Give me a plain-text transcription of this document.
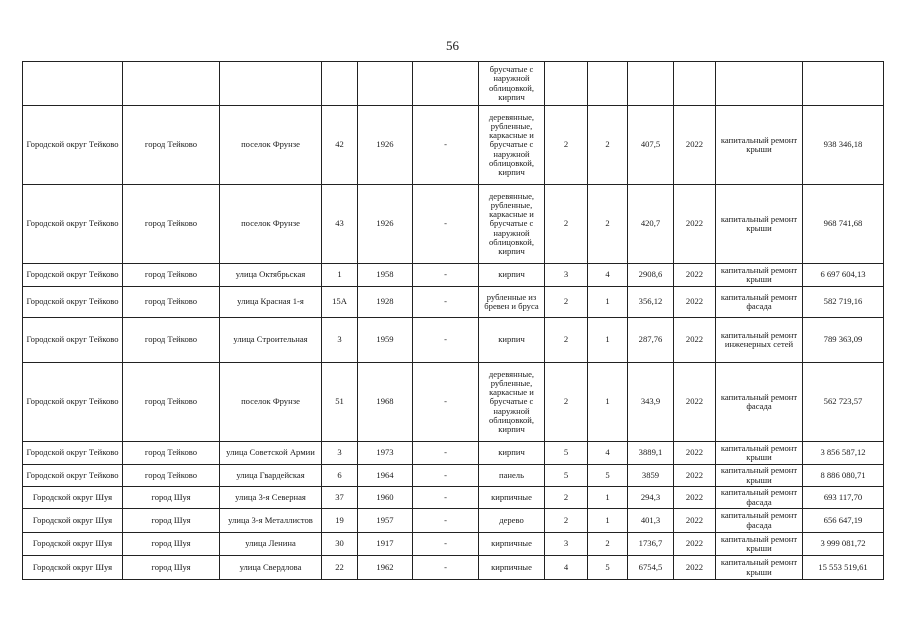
56
						брусчатые с наружной облицовкой, кирпич						
Городской округ Тейково	город Тейково	поселок Фрунзе	42	1926	-	деревянные, рубленные, каркасные и брусчатые с наружной облицовкой, кирпич	2	2	407,5	2022	капитальный ремонт крыши	938 346,18
Городской округ Тейково	город Тейково	поселок Фрунзе	43	1926	-	деревянные, рубленные, каркасные и брусчатые с наружной облицовкой, кирпич	2	2	420,7	2022	капитальный ремонт крыши	968 741,68
Городской округ Тейково	город Тейково	улица Октябрьская	1	1958	-	кирпич	3	4	2908,6	2022	капитальный ремонт крыши	6 697 604,13
Городской округ Тейково	город Тейково	улица Красная 1-я	15А	1928	-	рубленные из бревен и бруса	2	1	356,12	2022	капитальный ремонт фасада	582 719,16
Городской округ Тейково	город Тейково	улица Строительная	3	1959	-	кирпич	2	1	287,76	2022	капитальный ремонт инженерных сетей	789 363,09
Городской округ Тейково	город Тейково	поселок Фрунзе	51	1968	-	деревянные, рубленные, каркасные и брусчатые с наружной облицовкой, кирпич	2	1	343,9	2022	капитальный ремонт фасада	562 723,57
Городской округ Тейково	город Тейково	улица Советской Армии	3	1973	-	кирпич	5	4	3889,1	2022	капитальный ремонт крыши	3 856 587,12
Городской округ Тейково	город Тейково	улица Гвардейская	6	1964	-	панель	5	5	3859	2022	капитальный ремонт крыши	8 886 080,71
Городской округ Шуя	город Шуя	улица 3-я Северная	37	1960	-	кирпичные	2	1	294,3	2022	капитальный ремонт фасада	693 117,70
Городской округ Шуя	город Шуя	улица 3-я Металлистов	19	1957	-	дерево	2	1	401,3	2022	капитальный ремонт фасада	656 647,19
Городской округ Шуя	город Шуя	улица Ленина	30	1917	-	кирпичные	3	2	1736,7	2022	капитальный ремонт крыши	3 999 081,72
Городской округ Шуя	город Шуя	улица Свердлова	22	1962	-	кирпичные	4	5	6754,5	2022	капитальный ремонт крыши	15 553 519,61
